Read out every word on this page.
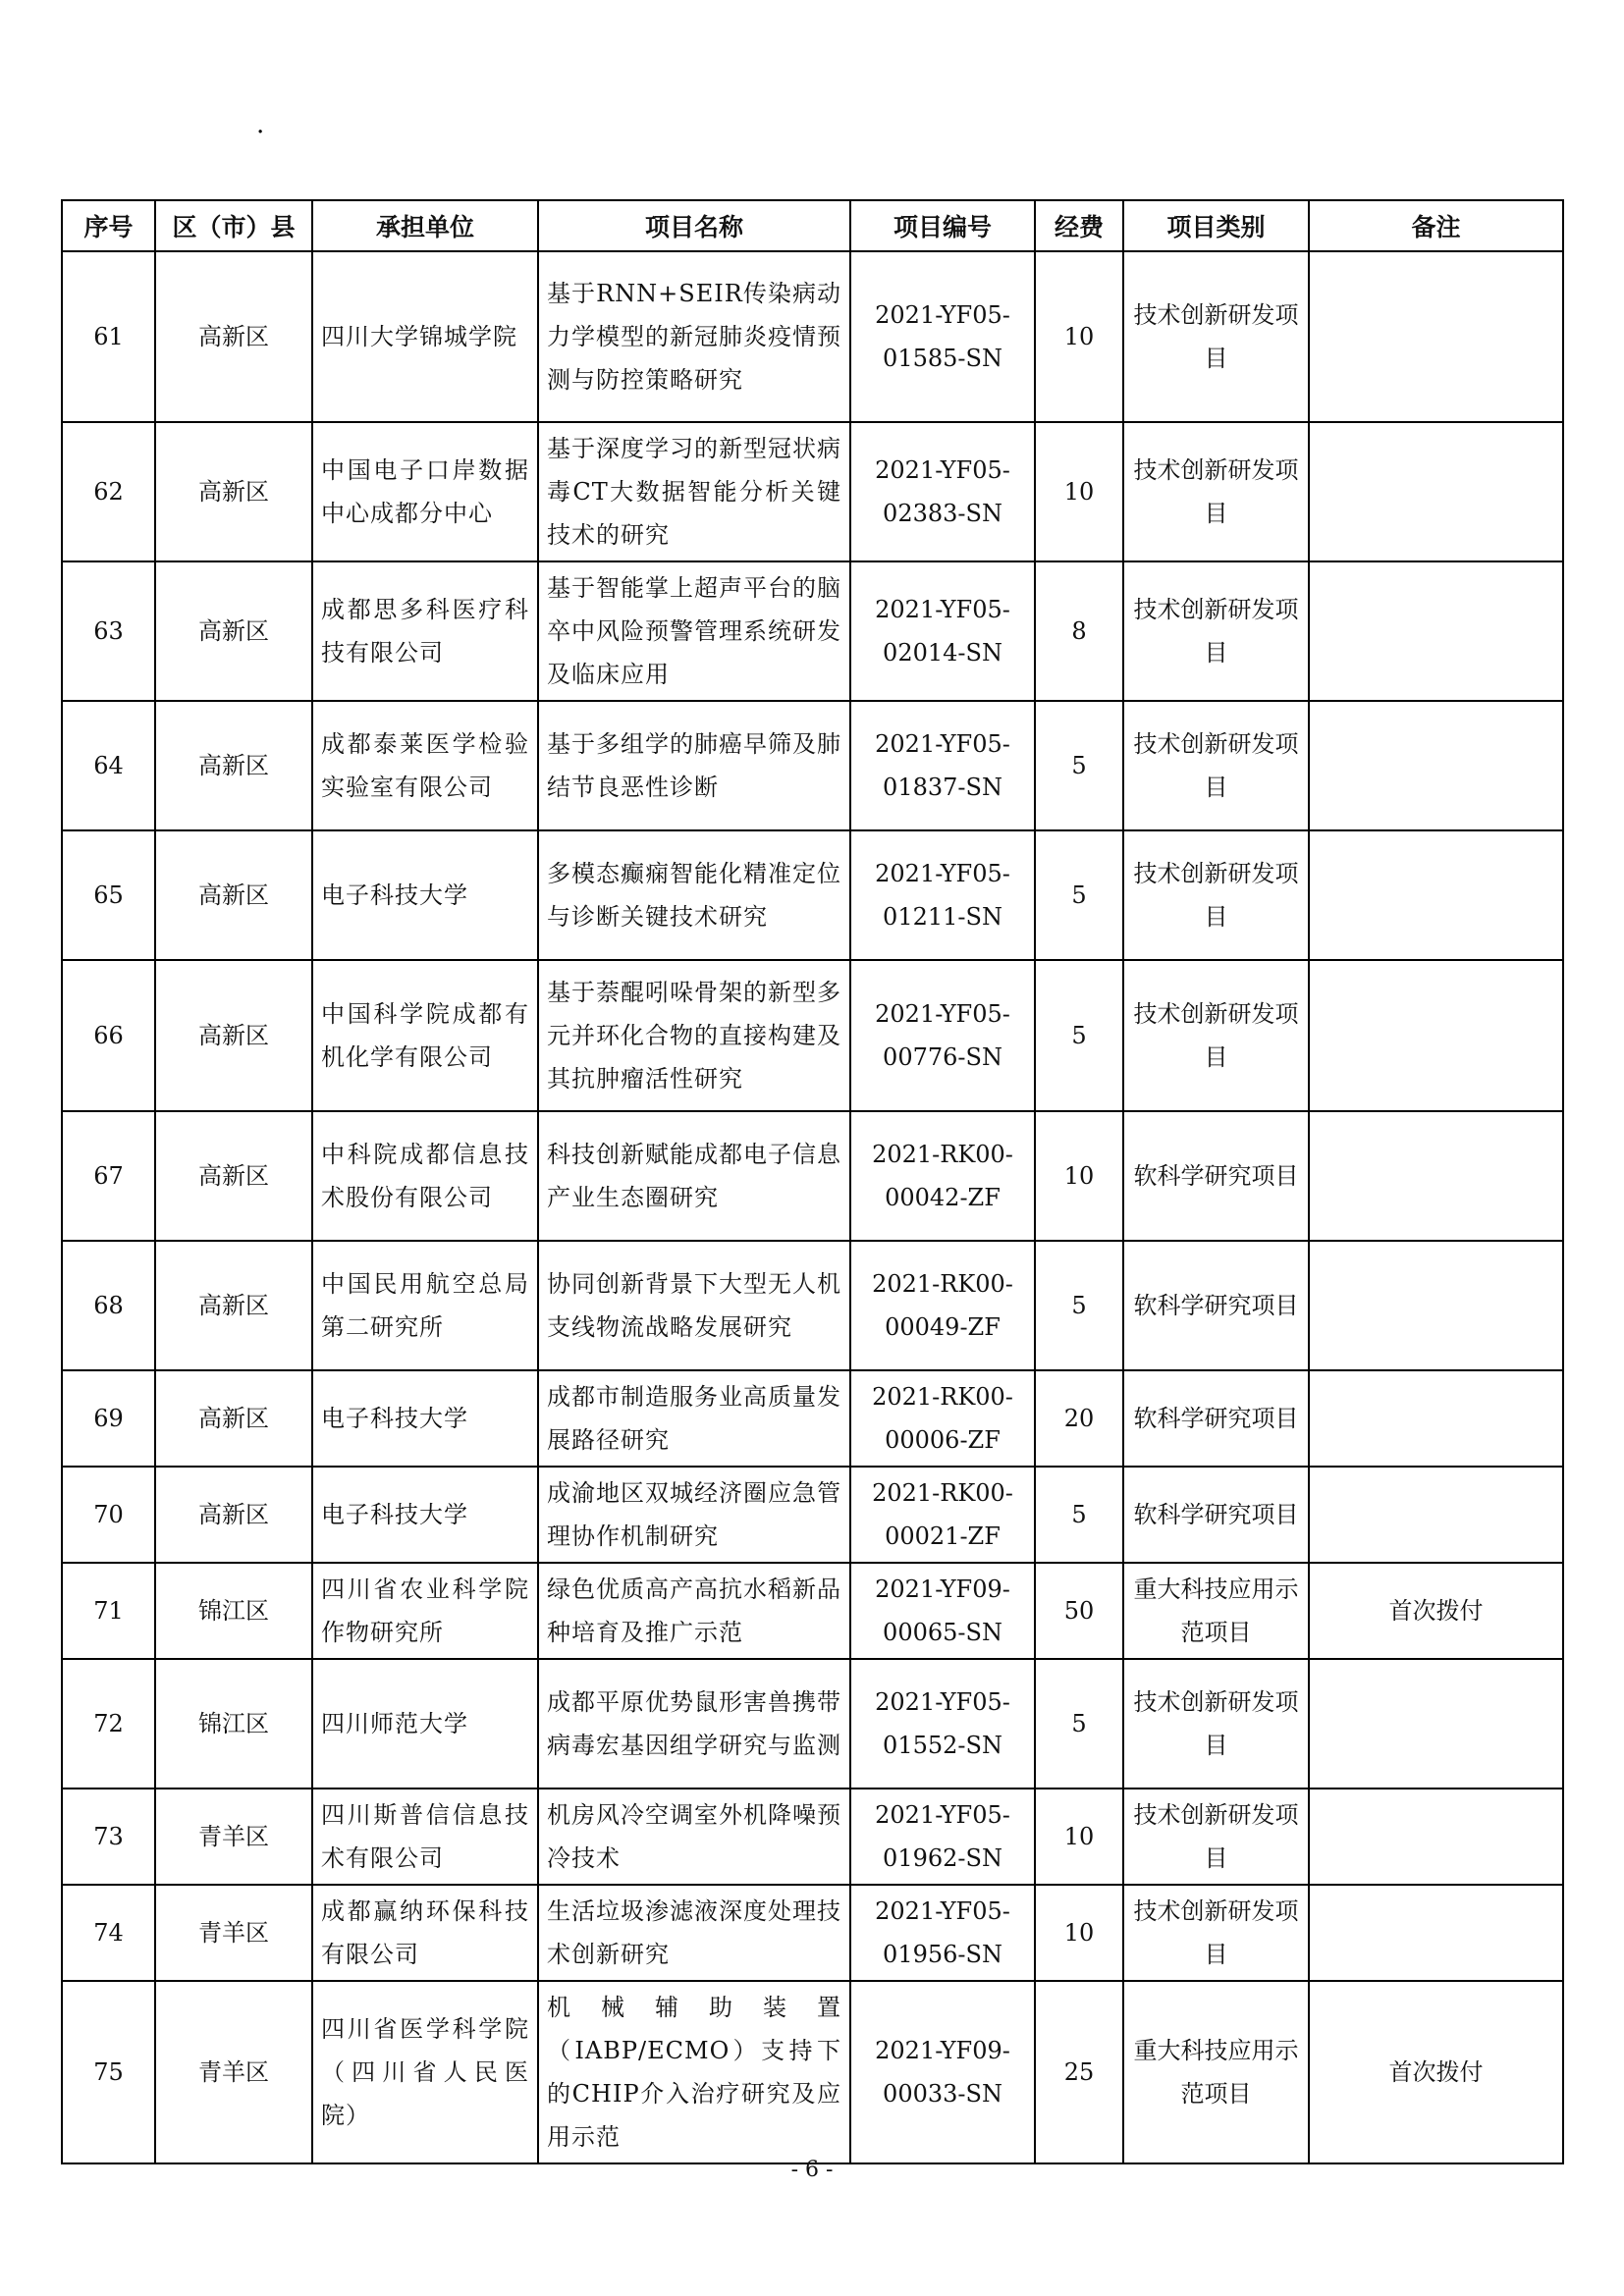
.
序号	区（市）县	承担单位	项目名称	项目编号	经费	项目类别	备注
61	高新区	四川大学锦城学院	基于RNN+SEIR传染病动力学模型的新冠肺炎疫情预测与防控策略研究	2021-YF05-01585-SN	10	技术创新研发项目	
62	高新区	中国电子口岸数据中心成都分中心	基于深度学习的新型冠状病毒CT大数据智能分析关键技术的研究	2021-YF05-02383-SN	10	技术创新研发项目	
63	高新区	成都思多科医疗科技有限公司	基于智能掌上超声平台的脑卒中风险预警管理系统研发及临床应用	2021-YF05-02014-SN	8	技术创新研发项目	
64	高新区	成都泰莱医学检验实验室有限公司	基于多组学的肺癌早筛及肺结节良恶性诊断	2021-YF05-01837-SN	5	技术创新研发项目	
65	高新区	电子科技大学	多模态癫痫智能化精准定位与诊断关键技术研究	2021-YF05-01211-SN	5	技术创新研发项目	
66	高新区	中国科学院成都有机化学有限公司	基于萘醌吲哚骨架的新型多元并环化合物的直接构建及其抗肿瘤活性研究	2021-YF05-00776-SN	5	技术创新研发项目	
67	高新区	中科院成都信息技术股份有限公司	科技创新赋能成都电子信息产业生态圈研究	2021-RK00-00042-ZF	10	软科学研究项目	
68	高新区	中国民用航空总局第二研究所	协同创新背景下大型无人机支线物流战略发展研究	2021-RK00-00049-ZF	5	软科学研究项目	
69	高新区	电子科技大学	成都市制造服务业高质量发展路径研究	2021-RK00-00006-ZF	20	软科学研究项目	
70	高新区	电子科技大学	成渝地区双城经济圈应急管理协作机制研究	2021-RK00-00021-ZF	5	软科学研究项目	
71	锦江区	四川省农业科学院作物研究所	绿色优质高产高抗水稻新品种培育及推广示范	2021-YF09-00065-SN	50	重大科技应用示范项目	首次拨付
72	锦江区	四川师范大学	成都平原优势鼠形害兽携带病毒宏基因组学研究与监测	2021-YF05-01552-SN	5	技术创新研发项目	
73	青羊区	四川斯普信信息技术有限公司	机房风冷空调室外机降噪预冷技术	2021-YF05-01962-SN	10	技术创新研发项目	
74	青羊区	成都赢纳环保科技有限公司	生活垃圾渗滤液深度处理技术创新研究	2021-YF05-01956-SN	10	技术创新研发项目	
75	青羊区	四川省医学科学院（四川省人民医院）	机械辅助装置（IABP/ECMO）支持下的CHIP介入治疗研究及应用示范	2021-YF09-00033-SN	25	重大科技应用示范项目	首次拨付
- 6 -
